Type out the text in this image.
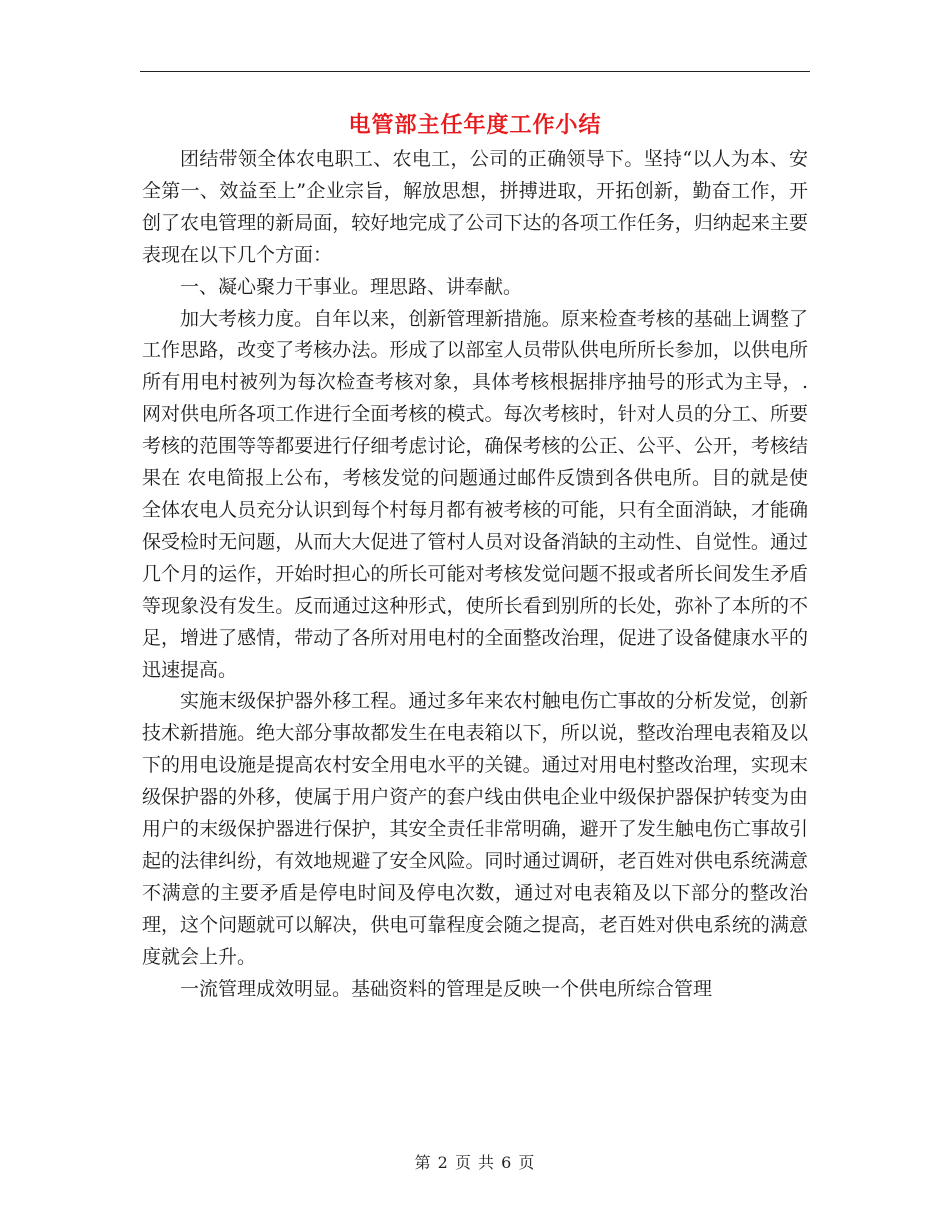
电管部主任年度工作小结

团结带领全体农电职工、农电工，公司的正确领导下。坚持“以人为本、安全第一、效益至上”企业宗旨，解放思想，拼搏进取，开拓创新，勤奋工作，开创了农电管理的新局面，较好地完成了公司下达的各项工作任务，归纳起来主要表现在以下几个方面：

一、凝心聚力干事业。理思路、讲奉献。

加大考核力度。自年以来，创新管理新措施。原来检查考核的基础上调整了工作思路，改变了考核办法。形成了以部室人员带队供电所所长参加，以供电所所有用电村被列为每次检查考核对象，具体考核根据排序抽号的形式为主导，.网对供电所各项工作进行全面考核的模式。每次考核时，针对人员的分工、所要考核的范围等等都要进行仔细考虑讨论，确保考核的公正、公平、公开，考核结果在 农电简报上公布，考核发觉的问题通过邮件反馈到各供电所。目的就是使全体农电人员充分认识到每个村每月都有被考核的可能，只有全面消缺，才能确保受检时无问题，从而大大促进了管村人员对设备消缺的主动性、自觉性。通过几个月的运作，开始时担心的所长可能对考核发觉问题不报或者所长间发生矛盾等现象没有发生。反而通过这种形式，使所长看到别所的长处，弥补了本所的不足，增进了感情，带动了各所对用电村的全面整改治理，促进了设备健康水平的迅速提高。

实施末级保护器外移工程。通过多年来农村触电伤亡事故的分析发觉，创新技术新措施。绝大部分事故都发生在电表箱以下，所以说，整改治理电表箱及以下的用电设施是提高农村安全用电水平的关键。通过对用电村整改治理，实现末级保护器的外移，使属于用户资产的套户线由供电企业中级保护器保护转变为由用户的末级保护器进行保护，其安全责任非常明确，避开了发生触电伤亡事故引起的法律纠纷，有效地规避了安全风险。同时通过调研，老百姓对供电系统满意不满意的主要矛盾是停电时间及停电次数，通过对电表箱及以下部分的整改治理，这个问题就可以解决，供电可靠程度会随之提高，老百姓对供电系统的满意度就会上升。

一流管理成效明显。基础资料的管理是反映一个供电所综合管理

第 2 页 共 6 页
